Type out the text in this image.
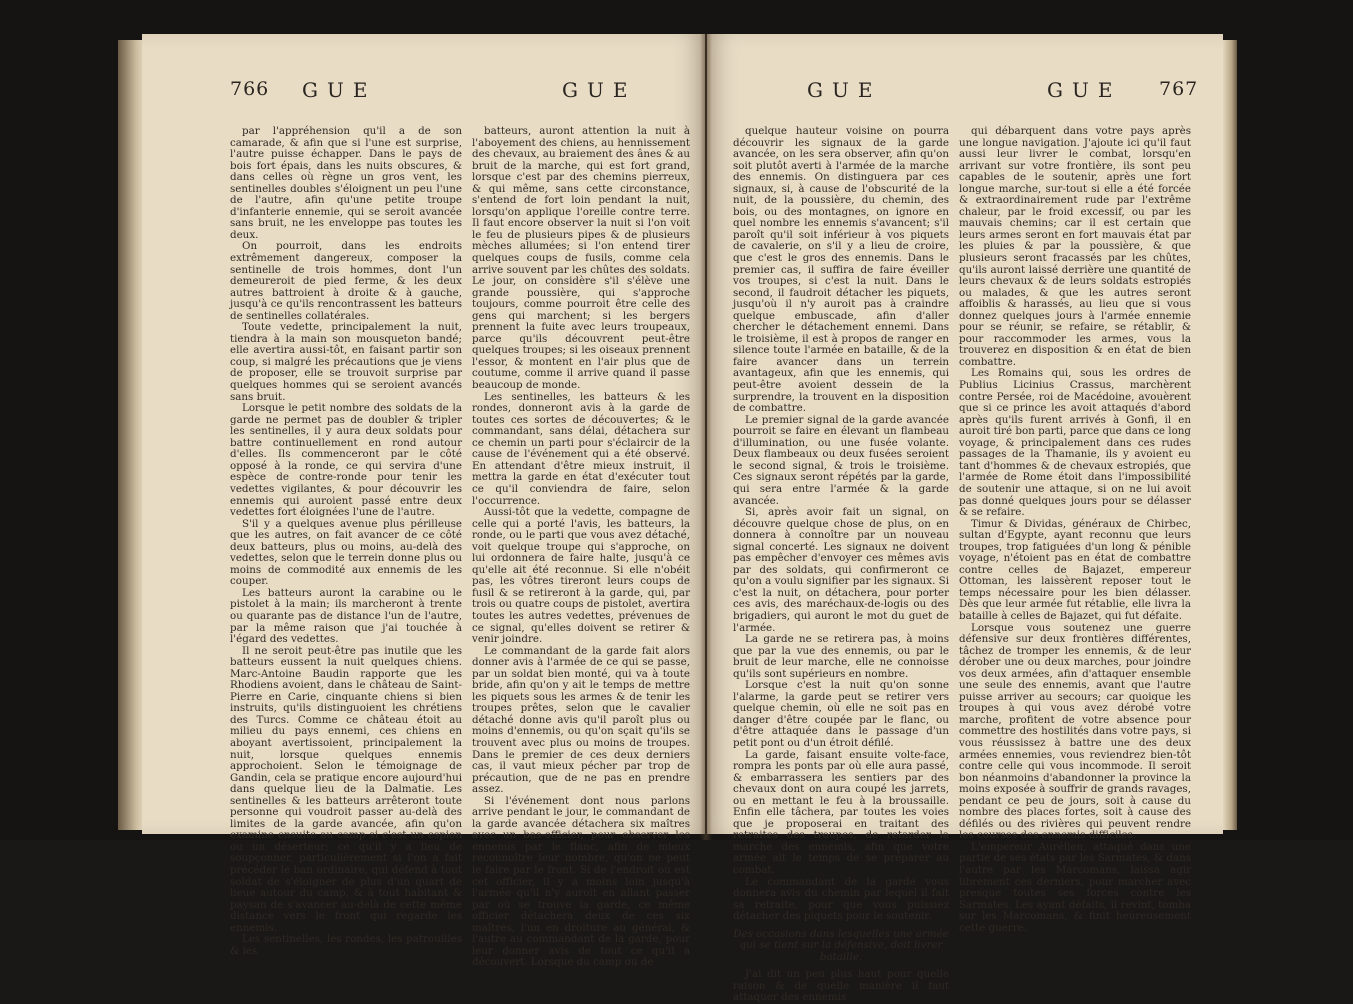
766 GUE	GUE

par l'appréhension qu'il a de son camarade, & afin que si l'une est surprise, l'autre puisse échapper. Dans le pays de bois fort épais, dans les nuits obscures, & dans celles où règne un gros vent, les sentinelles doubles s'éloignent un peu l'une de l'autre, afin qu'une petite troupe d'infanterie ennemie, qui se seroit avancée sans bruit, ne les enveloppe pas toutes les deux.

On pourroit, dans les endroits extrêmement dangereux, composer la sentinelle de trois hommes, dont l'un demeureroit de pied ferme, & les deux autres battroient à droite & à gauche, jusqu'à ce qu'ils rencontrassent les batteurs de sentinelles collatérales.

Toute vedette, principalement la nuit, tiendra à la main son mousqueton bandé; elle avertira aussi-tôt, en faisant partir son coup, si malgré les précautions que je viens de proposer, elle se trouvoit surprise par quelques hommes qui se seroient avancés sans bruit.

Lorsque le petit nombre des soldats de la garde ne permet pas de doubler & tripler les sentinelles, il y aura deux soldats pour battre continuellement en rond autour d'elles. Ils commenceront par le côté opposé à la ronde, ce qui servira d'une espèce de contre-ronde pour tenir les vedettes vigilantes, & pour découvrir les ennemis qui auroient passé entre deux vedettes fort éloignées l'une de l'autre.

S'il y a quelques avenue plus périlleuse que les autres, on fait avancer de ce côté deux batteurs, plus ou moins, au-delà des vedettes, selon que le terrein donne plus ou moins de commodité aux ennemis de les couper.

Les batteurs auront la carabine ou le pistolet à la main; ils marcheront à trente ou quarante pas de distance l'un de l'autre, par la même raison que j'ai touchée à l'égard des vedettes.

Il ne seroit peut-être pas inutile que les batteurs eussent la nuit quelques chiens. Marc-Antoine Baudin rapporte que les Rhodiens avoient, dans le château de Saint-Pierre en Carie, cinquante chiens si bien instruits, qu'ils distinguoient les chrétiens des Turcs. Comme ce château étoit au milieu du pays ennemi, ces chiens en aboyant avertissoient, principalement la nuit, lorsque quelques ennemis approchoient. Selon le témoignage de Gandin, cela se pratique encore aujourd'hui dans quelque lieu de la Dalmatie. Les sentinelles & les batteurs arrêteront toute personne qui voudroit passer au-delà des limites de la garde avancée, afin qu'on examine ensuite au camp si c'est un espion ou un déserteur; ce qu'il y a lieu de soupçonner, particulièrement si l'on a fait précéder le ban ordinaire, qui défend à tout soldat de s'éloigner de plus d'un quart de lieue autour du camp, & à tout habitant & paysan de s'avancer au-delà de cette même distance vers le front qui regarde les ennemis.

Les sentinelles, les rondes, les patrouilles & les

batteurs, auront attention la nuit à l'aboyement des chiens, au hennissement des chevaux, au braiement des ânes & au bruit de la marche, qui est fort grand, lorsque c'est par des chemins pierreux, & qui même, sans cette circonstance, s'entend de fort loin pendant la nuit, lorsqu'on applique l'oreille contre terre. Il faut encore observer la nuit si l'on voit le feu de plusieurs pipes & de plusieurs mèches allumées; si l'on entend tirer quelques coups de fusils, comme cela arrive souvent par les chûtes des soldats. Le jour, on considère s'il s'élève une grande poussière, qui s'approche toujours, comme pourroit être celle des gens qui marchent; si les bergers prennent la fuite avec leurs troupeaux, parce qu'ils découvrent peut-être quelques troupes; si les oiseaux prennent l'essor, & montent en l'air plus que de coutume, comme il arrive quand il passe beaucoup de monde.

Les sentinelles, les batteurs & les rondes, donneront avis à la garde de toutes ces sortes de découvertes; & le commandant, sans délai, détachera sur ce chemin un parti pour s'éclaircir de la cause de l'événement qui a été observé. En attendant d'être mieux instruit, il mettra la garde en état d'exécuter tout ce qu'il conviendra de faire, selon l'occurrence.

Aussi-tôt que la vedette, compagne de celle qui a porté l'avis, les batteurs, la ronde, ou le parti que vous avez détaché, voit quelque troupe qui s'approche, on lui ordonnera de faire halte, jusqu'à ce qu'elle ait été reconnue. Si elle n'obéit pas, les vôtres tireront leurs coups de fusil & se retireront à la garde, qui, par trois ou quatre coups de pistolet, avertira toutes les autres vedettes, prévenues de ce signal, qu'elles doivent se retirer & venir joindre.

Le commandant de la garde fait alors donner avis à l'armée de ce qui se passe, par un soldat bien monté, qui va à toute bride, afin qu'on y ait le temps de mettre les piquets sous les armes & de tenir les troupes prêtes, selon que le cavalier détaché donne avis qu'il paroît plus ou moins d'ennemis, ou qu'on sçait qu'ils se trouvent avec plus ou moins de troupes. Dans le premier de ces deux derniers cas, il vaut mieux pécher par trop de précaution, que de ne pas en prendre assez.

Si l'événement dont nous parlons arrive pendant le jour, le commandant de la garde avancée détachera six maîtres avec un bas-officier, pour observer les ennemis par le flanc, afin de mieux reconnoître leur nombre, qu'on ne peut le faire par le front. Si de l'endroit où est cet officier, il y a moins loin jusqu'à l'armée qu'il n'y auroit en allant passer par où se trouve la garde, ce même officier détachera deux de ces six maîtres, l'un en droiture au général, & l'autre au commandant de la garde, pour leur donner avis de tout ce qu'il a découvert. Lorsque du camp ou de

GUE	GUE 767

quelque hauteur voisine on pourra découvrir les signaux de la garde avancée, on les sera observer, afin qu'on soit plutôt averti à l'armée de la marche des ennemis. On distinguera par ces signaux, si, à cause de l'obscurité de la nuit, de la poussière, du chemin, des bois, ou des montagnes, on ignore en quel nombre les ennemis s'avancent; s'il paroît qu'il soit inférieur à vos piquets de cavalerie, on s'il y a lieu de croire, que c'est le gros des ennemis. Dans le premier cas, il suffira de faire éveiller vos troupes, si c'est la nuit. Dans le second, il faudroit détacher les piquets, jusqu'où il n'y auroit pas à craindre quelque embuscade, afin d'aller chercher le détachement ennemi. Dans le troisième, il est à propos de ranger en silence toute l'armée en bataille, & de la faire avancer dans un terrein avantageux, afin que les ennemis, qui peut-être avoient dessein de la surprendre, la trouvent en la disposition de combattre.

Le premier signal de la garde avancée pourroit se faire en élevant un flambeau d'illumination, ou une fusée volante. Deux flambeaux ou deux fusées seroient le second signal, & trois le troisième. Ces signaux seront répétés par la garde, qui sera entre l'armée & la garde avancée.

Si, après avoir fait un signal, on découvre quelque chose de plus, on en donnera à connoître par un nouveau signal concerté. Les signaux ne doivent pas empêcher d'envoyer ces mêmes avis par des soldats, qui confirmeront ce qu'on a voulu signifier par les signaux. Si c'est la nuit, on détachera, pour porter ces avis, des maréchaux-de-logis ou des brigadiers, qui auront le mot du guet de l'armée.

La garde ne se retirera pas, à moins que par la vue des ennemis, ou par le bruit de leur marche, elle ne connoisse qu'ils sont supérieurs en nombre.

Lorsque c'est la nuit qu'on sonne l'alarme, la garde peut se retirer vers quelque chemin, où elle ne soit pas en danger d'être coupée par le flanc, ou d'être attaquée dans le passage d'un petit pont ou d'un étroit défilé.

La garde, faisant ensuite volte-face, rompra les ponts par où elle aura passé, & embarrassera les sentiers par des chevaux dont on aura coupé les jarrets, ou en mettant le feu à la broussaille. Enfin elle tâchera, par toutes les voies que je proposerai en traitant des retraites des troupes, de retarder la marche des ennemis, afin que votre armée ait le temps de se préparer au combat.

Le commandant de la garde vous donnera avis du chemin par lequel il fait sa retraite, pour que vous puissiez détacher des piquets pour le soutenir.

Des occasions dans lesquelles une armée qui se tient sur la défensive, doit livrer bataille.

J'ai dit un peu plus haut pour quelle raison & de quelle manière il faut attaquer des ennemis

qui débarquent dans votre pays après une longue navigation. J'ajoute ici qu'il faut aussi leur livrer le combat, lorsqu'en arrivant sur votre frontière, ils sont peu capables de le soutenir, après une fort longue marche, sur-tout si elle a été forcée & extraordinairement rude par l'extrême chaleur, par le froid excessif, ou par les mauvais chemins; car il est certain que leurs armes seront en fort mauvais état par les pluies & par la poussière, & que plusieurs seront fracassés par les chûtes, qu'ils auront laissé derrière une quantité de leurs chevaux & de leurs soldats estropiés ou malades, & que les autres seront affoiblis & harassés, au lieu que si vous donnez quelques jours à l'armée ennemie pour se réunir, se refaire, se rétablir, & pour raccommoder les armes, vous la trouverez en disposition & en état de bien combattre.

Les Romains qui, sous les ordres de Publius Licinius Crassus, marchèrent contre Persée, roi de Macédoine, avouèrent que si ce prince les avoit attaqués d'abord après qu'ils furent arrivés à Gonfi, il en auroit tiré bon parti, parce que dans ce long voyage, & principalement dans ces rudes passages de la Thamanie, ils y avoient eu tant d'hommes & de chevaux estropiés, que l'armée de Rome étoit dans l'impossibilité de soutenir une attaque, si on ne lui avoit pas donné quelques jours pour se délasser & se refaire.

Timur & Dividas, généraux de Chirbec, sultan d'Egypte, ayant reconnu que leurs troupes, trop fatiguées d'un long & pénible voyage, n'étoient pas en état de combattre contre celles de Bajazet, empereur Ottoman, les laissèrent reposer tout le temps nécessaire pour les bien délasser. Dès que leur armée fut rétablie, elle livra la bataille à celles de Bajazet, qui fut défaite.

Lorsque vous soutenez une guerre défensive sur deux frontières différentes, tâchez de tromper les ennemis, & de leur dérober une ou deux marches, pour joindre vos deux armées, afin d'attaquer ensemble une seule des ennemis, avant que l'autre puisse arriver au secours; car quoique les troupes à qui vous avez dérobé votre marche, profitent de votre absence pour commettre des hostilités dans votre pays, si vous réussissez à battre une des deux armées ennemies, vous reviendrez bien-tôt contre celle qui vous incommode. Il seroit bon néanmoins d'abandonner la province la moins exposée à souffrir de grands ravages, pendant ce peu de jours, soit à cause du nombre des places fortes, soit à cause des défilés ou des rivières qui peuvent rendre les courses des ennemis difficiles.

L'empereur Aurélien, attaqué dans une partie de ses états par les Sarmates, & dans l'autre par les Marcomans, laissa agir librement ces derniers, pour marcher avec presque toutes ses forces contre les Sarmates. Les ayant défaits, il revint, tomba sur les Marcomans, & finit heureusement cette guerre.
